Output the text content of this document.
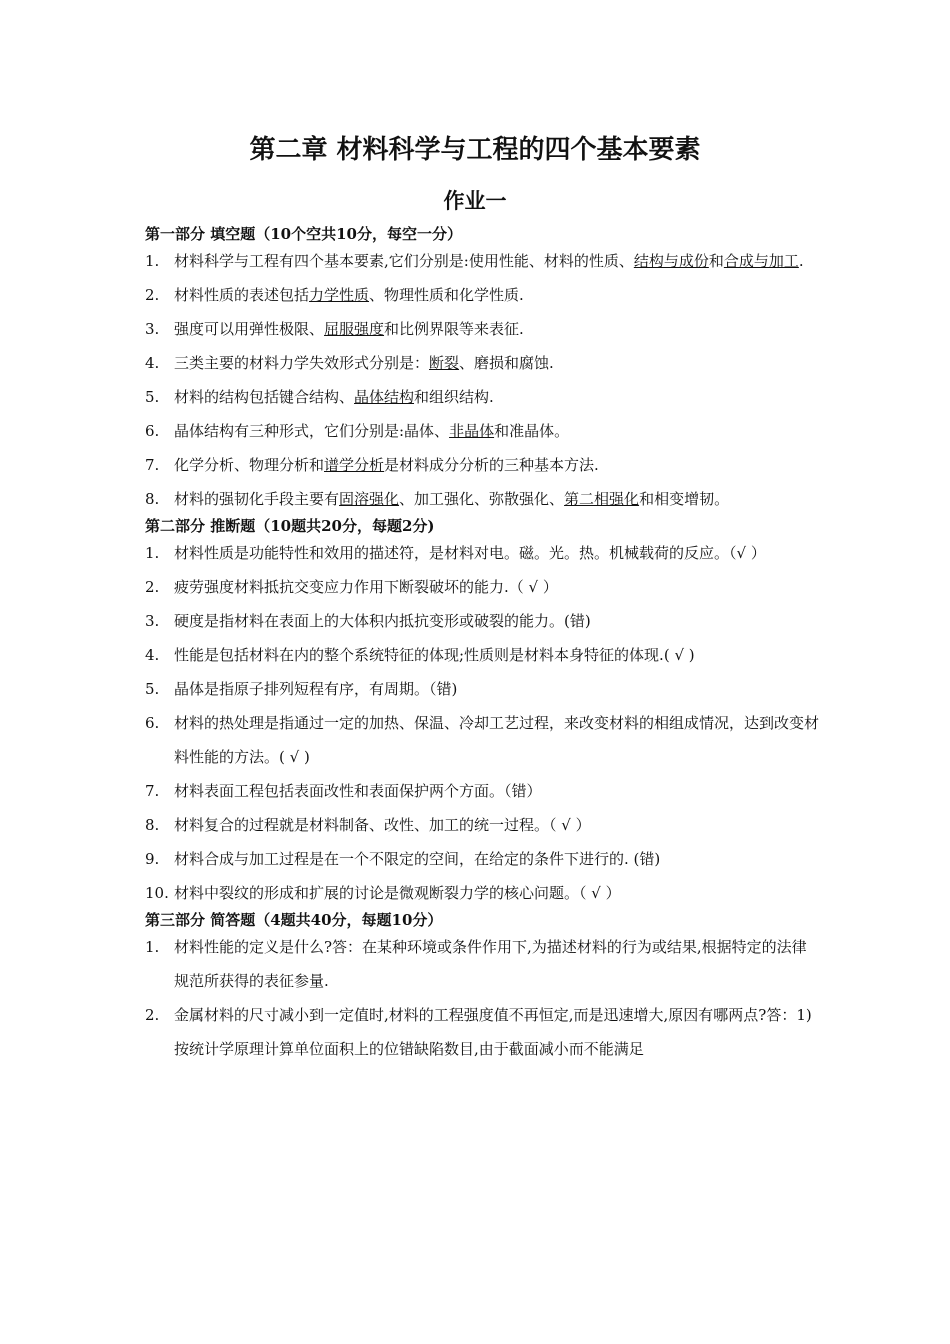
第二章 材料科学与工程的四个基本要素
作业一

第一部分 填空题（10个空共10分，每空一分）

1. 材料科学与工程有四个基本要素,它们分别是:使用性能、材料的性质、结构与成份和合成与加工.
2. 材料性质的表述包括力学性质、物理性质和化学性质.
3. 强度可以用弹性极限、屈服强度和比例界限等来表征.
4. 三类主要的材料力学失效形式分别是：断裂、磨损和腐蚀.
5. 材料的结构包括键合结构、晶体结构和组织结构.
6. 晶体结构有三种形式，它们分别是:晶体、非晶体和准晶体。
7. 化学分析、物理分析和谱学分析是材料成分分析的三种基本方法.
8. 材料的强韧化手段主要有固溶强化、加工强化、弥散强化、第二相强化和相变增韧。

第二部分 推断题（10题共20分，每题2分)

1. 材料性质是功能特性和效用的描述符，是材料对电。磁。光。热。机械载荷的反应。（√ ）
2. 疲劳强度材料抵抗交变应力作用下断裂破坏的能力.（ √ ）
3. 硬度是指材料在表面上的大体积内抵抗变形或破裂的能力。(错)
4. 性能是包括材料在内的整个系统特征的体现;性质则是材料本身特征的体现.( √ )
5. 晶体是指原子排列短程有序，有周期。（错)
6. 材料的热处理是指通过一定的加热、保温、冷却工艺过程，来改变材料的相组成情况，达到改变材料性能的方法。( √ )
7. 材料表面工程包括表面改性和表面保护两个方面。（错）
8. 材料复合的过程就是材料制备、改性、加工的统一过程。（ √ ）
9. 材料合成与加工过程是在一个不限定的空间，在给定的条件下进行的. (错)
10. 材料中裂纹的形成和扩展的讨论是微观断裂力学的核心问题。（ √ ）

第三部分 简答题（4题共40分，每题10分）

1. 材料性能的定义是什么?答：在某种环境或条件作用下,为描述材料的行为或结果,根据特定的法律规范所获得的表征参量.
2. 金属材料的尺寸减小到一定值时,材料的工程强度值不再恒定,而是迅速增大,原因有哪两点?答：1)按统计学原理计算单位面积上的位错缺陷数目,由于截面减小而不能满足
